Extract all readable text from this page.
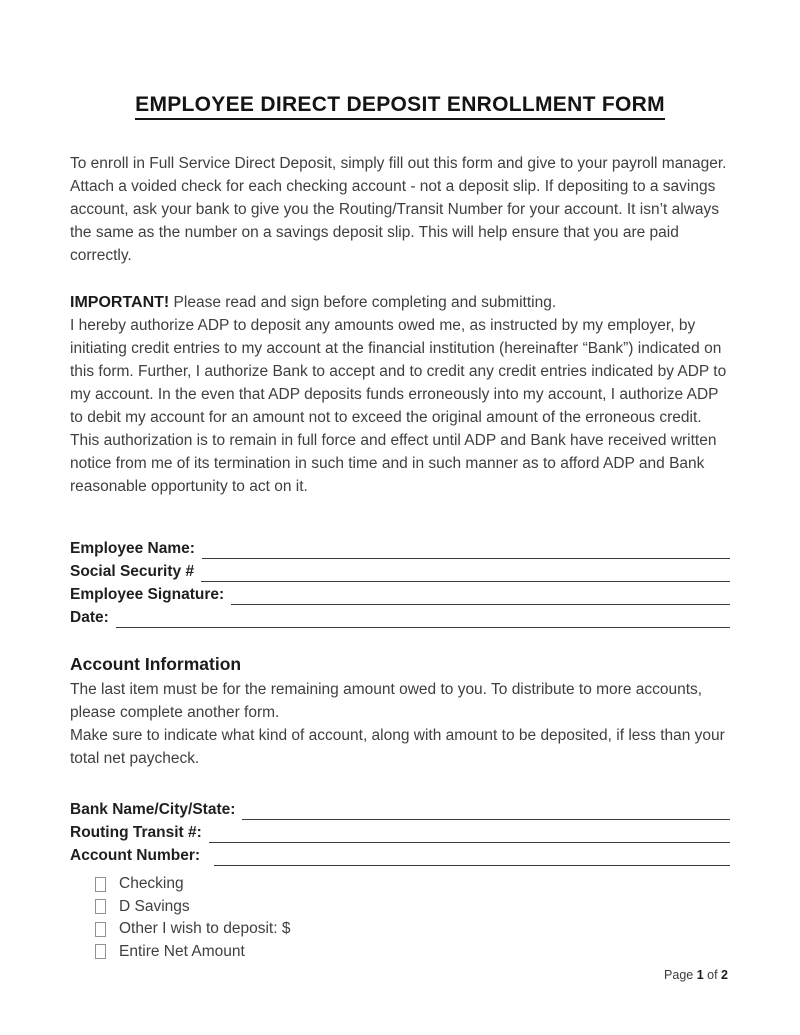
EMPLOYEE DIRECT DEPOSIT ENROLLMENT FORM

To enroll in Full Service Direct Deposit, simply fill out this form and give to your payroll manager. Attach a voided check for each checking account - not a deposit slip. If depositing to a savings account, ask your bank to give you the Routing/Transit Number for your account. It isn’t always the same as the number on a savings deposit slip. This will help ensure that you are paid correctly.

IMPORTANT! Please read and sign before completing and submitting.

I hereby authorize ADP to deposit any amounts owed me, as instructed by my employer, by initiating credit entries to my account at the financial institution (hereinafter “Bank”) indicated on this form. Further, I authorize Bank to accept and to credit any credit entries indicated by ADP to my account. In the even that ADP deposits funds erroneously into my account, I authorize ADP to debit my account for an amount not to exceed the original amount of the erroneous credit.

This authorization is to remain in full force and effect until ADP and Bank have received written notice from me of its termination in such time and in such manner as to afford ADP and Bank reasonable opportunity to act on it.

Employee Name:
Social Security #
Employee Signature:
Date:
Account Information

The last item must be for the remaining amount owed to you. To distribute to more accounts, please complete another form.

Make sure to indicate what kind of account, along with amount to be deposited, if less than your total net paycheck.

Bank Name/City/State:
Routing Transit #:
Account Number:
Checking
D Savings
Other I wish to deposit: $
Entire Net Amount
Page 1 of 2
